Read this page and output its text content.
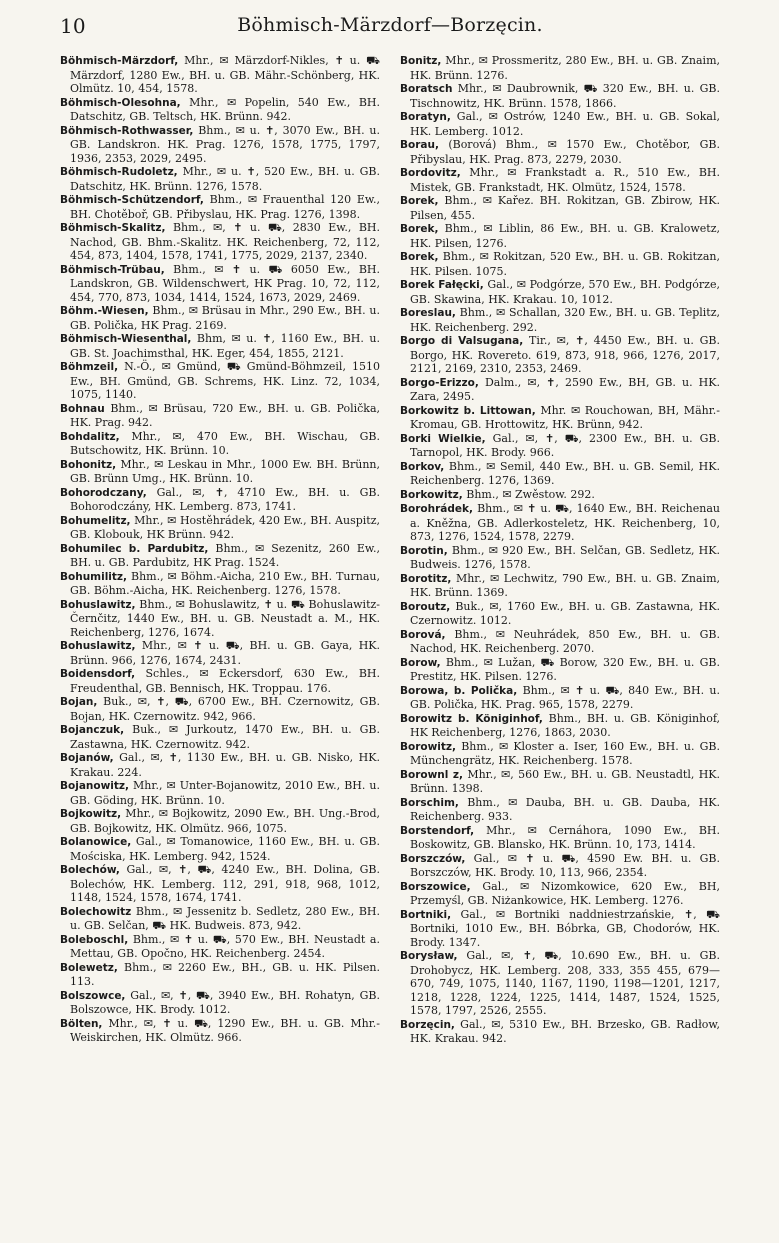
10	Böhmisch-Märzdorf—Borzęcin.

Böhmisch-Märzdorf, Mhr., ✉ Märzdorf-Nikles, ✝ u. ⛟ Märzdorf, 1280 Ew., BH. u. GB. Mähr.-Schönberg, HK. Olmütz. 10, 454, 1578.

Böhmisch-Olesohna, Mhr., ✉ Popelin, 540 Ew., BH. Datschitz, GB. Teltsch, HK. Brünn. 942.

Böhmisch-Rothwasser, Bhm., ✉ u. ✝, 3070 Ew., BH. u. GB. Landskron. HK. Prag. 1276, 1578, 1775, 1797, 1936, 2353, 2029, 2495.

Böhmisch-Rudoletz, Mhr., ✉ u. ✝, 520 Ew., BH. u. GB. Datschitz, HK. Brünn. 1276, 1578.

Böhmisch-Schützendorf, Bhm., ✉ Frauenthal 120 Ew., BH. Chotěboř, GB. Přibyslau, HK. Prag. 1276, 1398.

Böhmisch-Skalitz, Bhm., ✉, ✝ u. ⛟, 2830 Ew., BH. Nachod, GB. Bhm.-Skalitz. HK. Reichenberg, 72, 112, 454, 873, 1404, 1578, 1741, 1775, 2029, 2137, 2340.

Böhmisch-Trübau, Bhm., ✉ ✝ u. ⛟ 6050 Ew., BH. Landskron, GB. Wildenschwert, HK Prag. 10, 72, 112, 454, 770, 873, 1034, 1414, 1524, 1673, 2029, 2469.

Böhm.-Wiesen, Bhm., ✉ Brüsau in Mhr., 290 Ew., BH. u. GB. Polička, HK Prag. 2169.

Böhmisch-Wiesenthal, Bhm, ✉ u. ✝, 1160 Ew., BH. u. GB. St. Joachimsthal, HK. Eger, 454, 1855, 2121.

Böhmzeil, N.-Ö., ✉ Gmünd, ⛟ Gmünd-Böhmzeil, 1510 Ew., BH. Gmünd, GB. Schrems, HK. Linz. 72, 1034, 1075, 1140.

Bohnau Bhm., ✉ Brüsau, 720 Ew., BH. u. GB. Polička, HK. Prag. 942.

Bohdalitz, Mhr., ✉, 470 Ew., BH. Wischau, GB. Butschowitz, HK. Brünn. 10.

Bohonitz, Mhr., ✉ Leskau in Mhr., 1000 Ew. BH. Brünn, GB. Brünn Umg., HK. Brünn. 10.

Bohorodczany, Gal., ✉, ✝, 4710 Ew., BH. u. GB. Bohorodczány, HK. Lemberg. 873, 1741.

Bohumelitz, Mhr., ✉ Hostěhrádek, 420 Ew., BH. Auspitz, GB. Klobouk, HK Brünn. 942.

Bohumilec b. Pardubitz, Bhm., ✉ Sezenitz, 260 Ew., BH. u. GB. Pardubitz, HK Prag. 1524.

Bohumilitz, Bhm., ✉ Böhm.-Aicha, 210 Ew., BH. Turnau, GB. Böhm.-Aicha, HK. Reichenberg. 1276, 1578.

Bohuslawitz, Bhm., ✉ Bohuslawitz, ✝ u. ⛟ Bohuslawitz-Černčitz, 1440 Ew., BH. u. GB. Neustadt a. M., HK. Reichenberg, 1276, 1674.

Bohuslawitz, Mhr., ✉ ✝ u. ⛟, BH. u. GB. Gaya, HK. Brünn. 966, 1276, 1674, 2431.

Boidensdorf, Schles., ✉ Eckersdorf, 630 Ew., BH. Freudenthal, GB. Bennisch, HK. Troppau. 176.

Bojan, Buk., ✉, ✝, ⛟, 6700 Ew., BH. Czernowitz, GB. Bojan, HK. Czernowitz. 942, 966.

Bojanczuk, Buk., ✉ Jurkoutz, 1470 Ew., BH. u. GB. Zastawna, HK. Czernowitz. 942.

Bojanów, Gal., ✉, ✝, 1130 Ew., BH. u. GB. Nisko, HK. Krakau. 224.

Bojanowitz, Mhr., ✉ Unter-Bojanowitz, 2010 Ew., BH. u. GB. Göding, HK. Brünn. 10.

Bojkowitz, Mhr., ✉ Bojkowitz, 2090 Ew., BH. Ung.-Brod, GB. Bojkowitz, HK. Olmütz. 966, 1075.

Bolanowice, Gal., ✉ Tomanowice, 1160 Ew., BH. u. GB. Mościska, HK. Lemberg. 942, 1524.

Bolechów, Gal., ✉, ✝, ⛟, 4240 Ew., BH. Dolina, GB. Bolechów, HK. Lemberg. 112, 291, 918, 968, 1012, 1148, 1524, 1578, 1674, 1741.

Bolechowitz Bhm., ✉ Jessenitz b. Sedletz, 280 Ew., BH. u. GB. Selčan, ⛟ HK. Budweis. 873, 942.

Boleboschl, Bhm., ✉ ✝ u. ⛟, 570 Ew., BH. Neustadt a. Mettau, GB. Opočno, HK. Reichenberg. 2454.

Bolewetz, Bhm., ✉ 2260 Ew., BH., GB. u. HK. Pilsen. 113.

Bolszowce, Gal., ✉, ✝, ⛟, 3940 Ew., BH. Rohatyn, GB. Bolszowce, HK. Brody. 1012.

Bölten, Mhr., ✉, ✝ u. ⛟, 1290 Ew., BH. u. GB. Mhr.-Weiskirchen, HK. Olmütz. 966.

Bonitz, Mhr., ✉ Prossmeritz, 280 Ew., BH. u. GB. Znaim, HK. Brünn. 1276.

Boratsch Mhr., ✉ Daubrownik, ⛟ 320 Ew., BH. u. GB. Tischnowitz, HK. Brünn. 1578, 1866.

Boratyn, Gal., ✉ Ostrów, 1240 Ew., BH. u. GB. Sokal, HK. Lemberg. 1012.

Borau, (Borová) Bhm., ✉ 1570 Ew., Chotěbor, GB. Přibyslau, HK. Prag. 873, 2279, 2030.

Bordovitz, Mhr., ✉ Frankstadt a. R., 510 Ew., BH. Mistek, GB. Frankstadt, HK. Olmütz, 1524, 1578.

Borek, Bhm., ✉ Kařez. BH. Rokitzan, GB. Zbirow, HK. Pilsen, 455.

Borek, Bhm., ✉ Liblin, 86 Ew., BH. u. GB. Kralowetz, HK. Pilsen, 1276.

Borek, Bhm., ✉ Rokitzan, 520 Ew., BH. u. GB. Rokitzan, HK. Pilsen. 1075.

Borek Fałęcki, Gal., ✉ Podgórze, 570 Ew., BH. Podgórze, GB. Skawina, HK. Krakau. 10, 1012.

Boreslau, Bhm., ✉ Schallan, 320 Ew., BH. u. GB. Teplitz, HK. Reichenberg. 292.

Borgo di Valsugana, Tir., ✉, ✝, 4450 Ew., BH. u. GB. Borgo, HK. Rovereto. 619, 873, 918, 966, 1276, 2017, 2121, 2169, 2310, 2353, 2469.

Borgo-Erizzo, Dalm., ✉, ✝, 2590 Ew., BH, GB. u. HK. Zara, 2495.

Borkowitz b. Littowan, Mhr. ✉ Rouchowan, BH, Mähr.-Kromau, GB. Hrottowitz, HK. Brünn, 942.

Borki Wielkie, Gal., ✉, ✝, ⛟, 2300 Ew., BH. u. GB. Tarnopol, HK. Brody. 966.

Borkov, Bhm., ✉ Semil, 440 Ew., BH. u. GB. Semil, HK. Reichenberg. 1276, 1369.

Borkowitz, Bhm., ✉ Zwěstow. 292.

Borohrádek, Bhm., ✉ ✝ u. ⛟, 1640 Ew., BH. Reichenau a. Kněžna, GB. Adlerkosteletz, HK. Reichenberg, 10, 873, 1276, 1524, 1578, 2279.

Borotin, Bhm., ✉ 920 Ew., BH. Selčan, GB. Sedletz, HK. Budweis. 1276, 1578.

Borotitz, Mhr., ✉ Lechwitz, 790 Ew., BH. u. GB. Znaim, HK. Brünn. 1369.

Boroutz, Buk., ✉, 1760 Ew., BH. u. GB. Zastawna, HK. Czernowitz. 1012.

Borová, Bhm., ✉ Neuhrádek, 850 Ew., BH. u. GB. Nachod, HK. Reichenberg. 2070.

Borow, Bhm., ✉ Lužan, ⛟ Borow, 320 Ew., BH. u. GB. Prestitz, HK. Pilsen. 1276.

Borowa, b. Polička, Bhm., ✉ ✝ u. ⛟, 840 Ew., BH. u. GB. Polička, HK. Prag. 965, 1578, 2279.

Borowitz b. Königinhof, Bhm., BH. u. GB. Königinhof, HK Reichenberg, 1276, 1863, 2030.

Borowitz, Bhm., ✉ Kloster a. Iser, 160 Ew., BH. u. GB. Münchengrätz, HK. Reichenberg. 1578.

Borownl z, Mhr., ✉, 560 Ew., BH. u. GB. Neustadtl, HK. Brünn. 1398.

Borschim, Bhm., ✉ Dauba, BH. u. GB. Dauba, HK. Reichenberg. 933.

Borstendorf, Mhr., ✉ Cernáhora, 1090 Ew., BH. Boskowitz, GB. Blansko, HK. Brünn. 10, 173, 1414.

Borszczów, Gal., ✉ ✝ u. ⛟, 4590 Ew. BH. u. GB. Borszczów, HK. Brody. 10, 113, 966, 2354.

Borszowice, Gal., ✉ Nizomkowice, 620 Ew., BH, Przemyśl, GB. Niżankowice, HK. Lemberg. 1276.

Bortniki, Gal., ✉ Bortniki naddniestrzańskie, ✝, ⛟ Bortniki, 1010 Ew., BH. Bóbrka, GB, Chodorów, HK. Brody. 1347.

Borysław, Gal., ✉, ✝, ⛟, 10.690 Ew., BH. u. GB. Drohobycz, HK. Lemberg. 208, 333, 355 455, 679—670, 749, 1075, 1140, 1167, 1190, 1198—1201, 1217, 1218, 1228, 1224, 1225, 1414, 1487, 1524, 1525, 1578, 1797, 2526, 2555.

Borzęcin, Gal., ✉, 5310 Ew., BH. Brzesko, GB. Radłow, HK. Krakau. 942.
